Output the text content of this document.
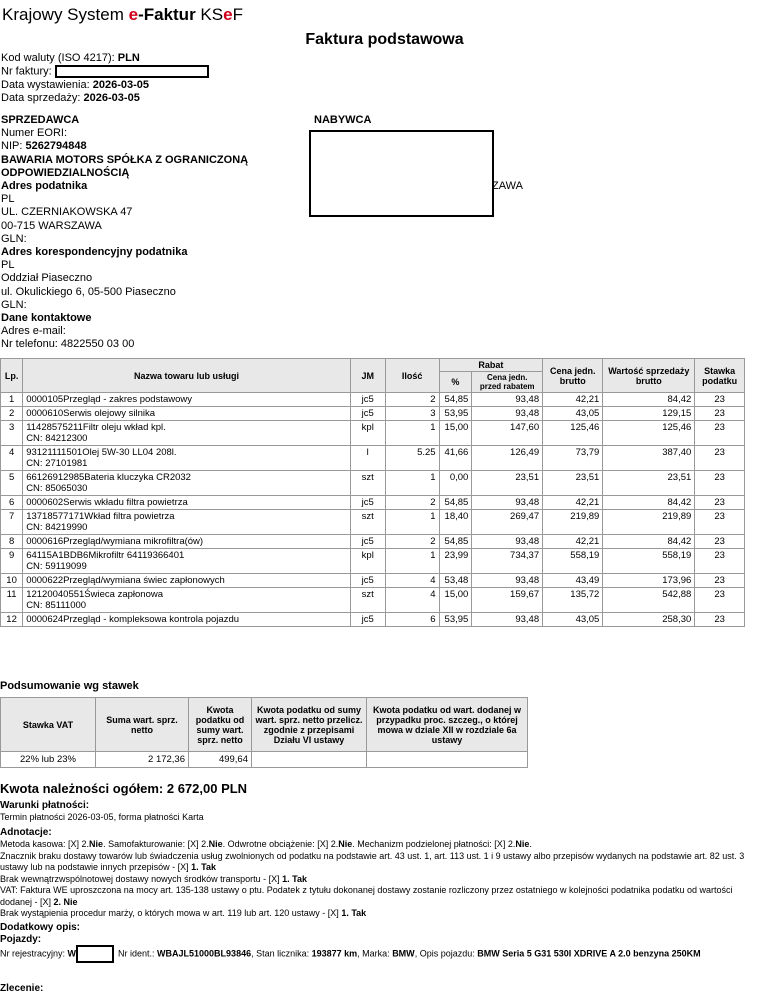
Krajowy System e-Faktur KSeF
Faktura podstawowa
Kod waluty (ISO 4217): PLN
Nr faktury:
Data wystawienia: 2026-03-05
Data sprzedaży: 2026-03-05
SPRZEDAWCA
Numer EORI:
NIP: 5262794848
BAWARIA MOTORS SPÓŁKA Z OGRANICZONĄ
ODPOWIEDZIALNOŚCIĄ
Adres podatnika
PL
UL. CZERNIAKOWSKA 47
00-715 WARSZAWA
GLN:
Adres korespondencyjny podatnika
PL
Oddział Piaseczno
ul. Okulickiego 6, 05-500 Piaseczno
GLN:
Dane kontaktowe
Adres e-mail:
Nr telefonu: 4822550 03 00
NABYWCA
ZAWA
Lp.	Nazwa towaru lub usługi	JM	Ilość	Rabat		Cena jedn. brutto	Wartość sprzedaży brutto	Stawka podatku
				%	Cena jedn. przed rabatem			
1	0000105Przegląd - zakres podstawowy	jc5	2	54,85	93,48	42,21	84,42	23
2	0000610Serwis olejowy silnika	jc5	3	53,95	93,48	43,05	129,15	23
3	11428575211Filtr oleju wkład kpl.
CN: 84212300	kpl	1	15,00	147,60	125,46	125,46	23
4	93121111501Olej 5W-30 LL04 208l.
CN: 27101981	l	5.25	41,66	126,49	73,79	387,40	23
5	66126912985Bateria kluczyka CR2032
CN: 85065030	szt	1	0,00	23,51	23,51	23,51	23
6	0000602Serwis wkładu filtra powietrza	jc5	2	54,85	93,48	42,21	84,42	23
7	13718577171Wkład filtra powietrza
CN: 84219990	szt	1	18,40	269,47	219,89	219,89	23
8	0000616Przegląd/wymiana mikrofiltra(ów)	jc5	2	54,85	93,48	42,21	84,42	23
9	64115A1BDB6Mikrofiltr 64119366401
CN: 59119099	kpl	1	23,99	734,37	558,19	558,19	23
10	0000622Przegląd/wymiana świec zapłonowych	jc5	4	53,48	93,48	43,49	173,96	23
11	12120040551Świeca zapłonowa
CN: 85111000	szt	4	15,00	159,67	135,72	542,88	23
12	0000624Przegląd - kompleksowa kontrola pojazdu	jc5	6	53,95	93,48	43,05	258,30	23
Podsumowanie wg stawek
Stawka VAT	Suma wart. sprz. netto	Kwota podatku od sumy wart. sprz. netto	Kwota podatku od sumy wart. sprz. netto przelicz. zgodnie z przepisami Działu VI ustawy	Kwota podatku od wart. dodanej w przypadku proc. szczeg., o której mowa w dziale XII w rozdziale 6a ustawy
22% lub 23%	2 172,36	499,64		
Kwota należności ogółem: 2 672,00 PLN
Warunki płatności:
Termin płatności 2026-03-05, forma płatności Karta
Adnotacje:
Metoda kasowa: [X] 2.Nie. Samofakturowanie: [X] 2.Nie. Odwrotne obciążenie: [X] 2.Nie. Mechanizm podzielonej płatności: [X] 2.Nie.
Znacznik braku dostawy towarów lub świadczenia usług zwolnionych od podatku na podstawie art. 43 ust. 1, art. 113 ust. 1 i 9 ustawy albo przepisów wydanych na podstawie art. 82 ust. 3 ustawy lub na podstawie innych przepisów - [X] 1. Tak
Brak wewnątrzwspólnotowej dostawy nowych środków transportu - [X] 1. Tak
VAT: Faktura WE uproszczona na mocy art. 135-138 ustawy o ptu. Podatek z tytułu dokonanej dostawy zostanie rozliczony przez ostatniego w kolejności podatnika podatku od wartości dodanej - [X] 2. Nie
Brak wystąpienia procedur marży, o których mowa w art. 119 lub art. 120 ustawy - [X] 1. Tak
Dodatkowy opis:
Pojazdy:
Nr rejestracyjny: W	Nr ident.: WBAJL51000BL93846, Stan licznika: 193877 km, Marka: BMW, Opis pojazdu: BMW Seria 5 G31 530I XDRIVE A 2.0 benzyna 250KM
Zlecenie:
